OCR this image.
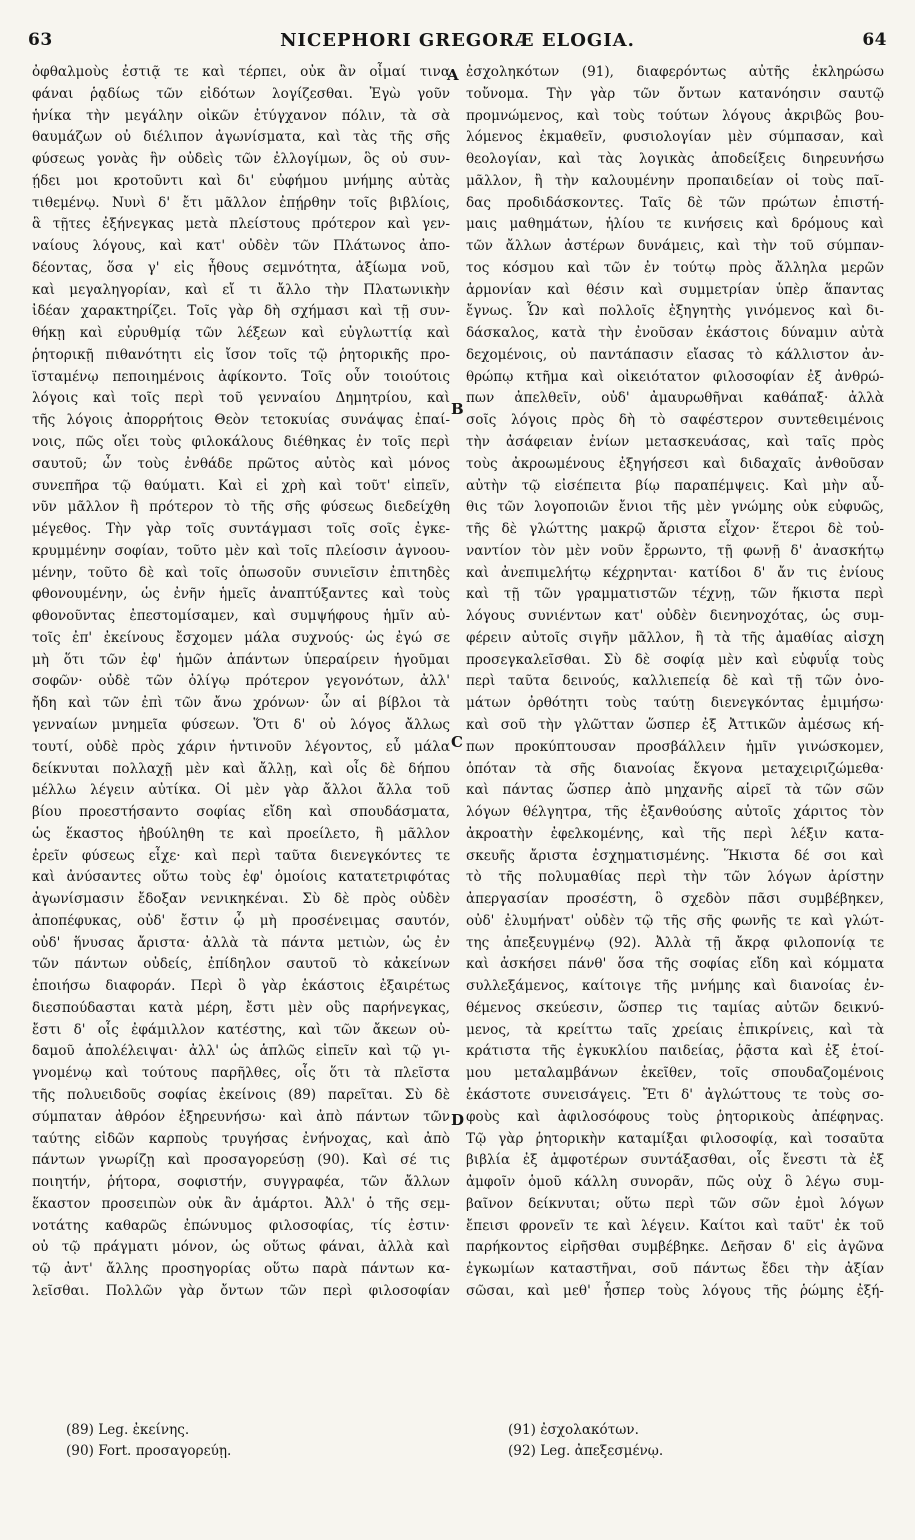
63	NICEPHORI GREGORÆ ELOGIA.	64
ὀφθαλμοὺς ἐστιᾷ τε καὶ τέρπει, οὐκ ἂν οἶμαί τινα
φάναι ῥᾳδίως τῶν εἰδότων λογίζεσθαι. Ἐγὼ γοῦν
ἡνίκα τὴν μεγάλην οἰκῶν ἐτύγχανον πόλιν, τὰ σὰ
θαυμάζων οὐ διέλιπον ἀγωνίσματα, καὶ τὰς τῆς σῆς
φύσεως γονὰς ἣν οὐδεὶς τῶν ἐλλογίμων, ὃς οὐ συν-
ῄδει μοι κροτοῦντι καὶ δι' εὐφήμου μνήμης αὐτὰς
τιθεμένῳ. Νυνὶ δ' ἔτι μᾶλλον ἐπῄρθην τοῖς βιβλίοις,
ἃ τῇτες ἐξήνεγκας μετὰ πλείστους πρότερον καὶ γεν-
ναίους λόγους, καὶ κατ' οὐδὲν τῶν Πλάτωνος ἀπο-
δέοντας, ὅσα γ' εἰς ἦθους σεμνότητα, ἀξίωμα νοῦ,
καὶ μεγαληγορίαν, καὶ εἴ τι ἄλλο τὴν Πλατωνικὴν
ἰδέαν χαρακτηρίζει. Τοῖς γὰρ δὴ σχήμασι καὶ τῇ συν-
θήκῃ καὶ εὐρυθμίᾳ τῶν λέξεων καὶ εὐγλωττίᾳ καὶ
ῥητορικῇ πιθανότητι εἰς ἴσον τοῖς τῷ ῥητορικῆς προ-
ϊσταμένῳ πεποιημένοις ἀφίκοντο. Τοῖς οὖν τοιούτοις
λόγοις καὶ τοῖς περὶ τοῦ γενναίου Δημητρίου, καὶ
τῆς λόγοις ἀπορρήτοις Θεὸν τετοκυίας συνάψας ἐπαί-
νοις, πῶς οἴει τοὺς φιλοκάλους διέθηκας ἐν τοῖς περὶ
σαυτοῦ; ὧν τοὺς ἐνθάδε πρῶτος αὐτὸς καὶ μόνος
συνεπῆρα τῷ θαύματι. Καὶ εἰ χρὴ καὶ τοῦτ' εἰπεῖν,
νῦν μᾶλλον ἢ πρότερον τὸ τῆς σῆς φύσεως διεδείχθη
μέγεθος. Τὴν γὰρ τοῖς συντάγμασι τοῖς σοῖς ἐγκε-
κρυμμένην σοφίαν, τοῦτο μὲν καὶ τοῖς πλείοσιν ἀγνοου-
μένην, τοῦτο δὲ καὶ τοῖς ὁπωσοῦν συνιεῖσιν ἐπιτηδὲς
φθονουμένην, ὡς ἐνῆν ἡμεῖς ἀναπτύξαντες καὶ τοὺς
φθονοῦντας ἐπεστομίσαμεν, καὶ συμψήφους ἡμῖν αὐ-
τοῖς ἐπ' ἐκείνους ἔσχομεν μάλα συχνούς· ὡς ἐγώ σε
μὴ ὅτι τῶν ἐφ' ἡμῶν ἁπάντων ὑπεραίρειν ἡγοῦμαι
σοφῶν· οὐδὲ τῶν ὀλίγῳ πρότερον γεγονότων, ἀλλ'
ἤδη καὶ τῶν ἐπὶ τῶν ἄνω χρόνων· ὧν αἱ βίβλοι τὰ
γενναίων μνημεῖα φύσεων. Ὅτι δ' οὐ λόγος ἄλλως
τουτί, οὐδὲ πρὸς χάριν ἡντινοῦν λέγοντος, εὖ μάλα
δείκνυται πολλαχῇ μὲν καὶ ἄλλῃ, καὶ οἷς δὲ δήπου
μέλλω λέγειν αὐτίκα. Οἱ μὲν γὰρ ἄλλοι ἄλλα τοῦ
βίου προεστήσαντο σοφίας εἴδη καὶ σπουδάσματα,
ὡς ἕκαστος ἠβούληθη τε καὶ προείλετο, ἢ μᾶλλον
ἐρεῖν φύσεως εἶχε· καὶ περὶ ταῦτα διενεγκόντες τε
καὶ ἀνύσαντες οὕτω τοὺς ἐφ' ὁμοίοις κατατετριφότας
ἀγωνίσμασιν ἔδοξαν νενικηκέναι. Σὺ δὲ πρὸς οὐδὲν
ἀποπέφυκας, οὐδ' ἔστιν ᾧ μὴ προσένειμας σαυτόν,
οὐδ' ἥνυσας ἄριστα· ἀλλὰ τὰ πάντα μετιὼν, ὡς ἐν
τῶν πάντων οὐδείς, ἐπίδηλον σαυτοῦ τὸ κἀκείνων
ἐποιήσω διαφοράν. Περὶ ὃ γὰρ ἑκάστοις ἐξαιρέτως
διεσπούδασται κατὰ μέρη, ἔστι μὲν οὓς παρήνεγκας,
ἔστι δ' οἷς ἐφάμιλλον κατέστης, καὶ τῶν ἄκεων οὐ-
δαμοῦ ἀπολέλειψαι· ἀλλ' ὡς ἁπλῶς εἰπεῖν καὶ τῷ γι-
γνομένῳ καὶ τούτους παρῆλθες, οἷς ὅτι τὰ πλεῖστα
τῆς πολυειδοῦς σοφίας ἐκείνοις (89) παρεῖται. Σὺ δὲ
σύμπαταν ἀθρόον ἐξηρευνήσω· καὶ ἀπὸ πάντων τῶν
ταύτης εἰδῶν καρποὺς τρυγήσας ἐνήνοχας, καὶ ἀπὸ
πάντων γνωρίζῃ καὶ προσαγορεύσῃ (90). Καὶ σέ τις
ποιητήν, ῥήτορα, σοφιστήν, συγγραφέα, τῶν ἄλλων
ἕκαστον προσειπὼν οὐκ ἂν ἁμάρτοι. Ἀλλ' ὁ τῆς σεμ-
νοτάτης καθαρῶς ἐπώνυμος φιλοσοφίας, τίς ἐστιν·
οὐ τῷ πράγματι μόνον, ὡς οὕτως φάναι, ἀλλὰ καὶ
τῷ ἀντ' ἄλλης προσηγορίας οὕτω παρὰ πάντων κα-
λεῖσθαι. Πολλῶν γὰρ ὄντων τῶν περὶ φιλοσοφίαν
ἐσχοληκότων (91), διαφερόντως αὐτῆς ἐκληρώσω
τοὔνομα. Τὴν γὰρ τῶν ὄντων κατανόησιν σαυτῷ
προμνώμενος, καὶ τοὺς τούτων λόγους ἀκριβῶς βου-
λόμενος ἐκμαθεῖν, φυσιολογίαν μὲν σύμπασαν, καὶ
θεολογίαν, καὶ τὰς λογικὰς ἀποδείξεις διηρευνήσω
μᾶλλον, ἢ τὴν καλουμένην προπαιδείαν οἱ τοὺς παῖ-
δας προδιδάσκοντες. Ταῖς δὲ τῶν πρώτων ἐπιστή-
μαις μαθημάτων, ἡλίου τε κινήσεις καὶ δρόμους καὶ
τῶν ἄλλων ἀστέρων δυνάμεις, καὶ τὴν τοῦ σύμπαν-
τος κόσμου καὶ τῶν ἐν τούτῳ πρὸς ἄλληλα μερῶν
ἁρμονίαν καὶ θέσιν καὶ συμμετρίαν ὑπὲρ ἅπαντας
ἔγνως. Ὧν καὶ πολλοῖς ἐξηγητὴς γινόμενος καὶ δι-
δάσκαλος, κατὰ τὴν ἐνοῦσαν ἑκάστοις δύναμιν αὐτὰ
δεχομένοις, οὐ παντάπασιν εἴασας τὸ κάλλιστον ἀν-
θρώπῳ κτῆμα καὶ οἰκειότατον φιλοσοφίαν ἐξ ἀνθρώ-
πων ἀπελθεῖν, οὐδ' ἀμαυρωθῆναι καθάπαξ· ἀλλὰ
σοῖς λόγοις πρὸς δὴ τὸ σαφέστερον συντεθειμένοις
τὴν ἀσάφειαν ἐνίων μετασκευάσας, καὶ ταῖς πρὸς
τοὺς ἀκροωμένους ἐξηγήσεσι καὶ διδαχαῖς ἀνθοῦσαν
αὐτὴν τῷ εἰσέπειτα βίῳ παραπέμψεις. Καὶ μὴν αὖ-
θις τῶν λογοποιῶν ἔνιοι τῆς μὲν γνώμης οὐκ εὐφυῶς,
τῆς δὲ γλώττης μακρῷ ἄριστα εἶχον· ἕτεροι δὲ τοὐ-
ναντίον τὸν μὲν νοῦν ἔρρωντο, τῇ φωνῇ δ' ἀνασκήτῳ
καὶ ἀνεπιμελήτῳ κέχρηνται· κατίδοι δ' ἄν τις ἐνίους
καὶ τῇ τῶν γραμματιστῶν τέχνῃ, τῶν ἥκιστα περὶ
λόγους συνιέντων κατ' οὐδὲν διενηνοχότας, ὡς συμ-
φέρειν αὐτοῖς σιγῆν μᾶλλον, ἢ τὰ τῆς ἀμαθίας αἰσχη
προσεγκαλεῖσθαι. Σὺ δὲ σοφίᾳ μὲν καὶ εὐφυΐᾳ τοὺς
περὶ ταῦτα δεινούς, καλλιεπείᾳ δὲ καὶ τῇ τῶν ὀνο-
μάτων ὀρθότητι τοὺς ταύτῃ διενεγκόντας ἐμιμήσω·
καὶ σοῦ τὴν γλῶτταν ὥσπερ ἐξ Ἀττικῶν ἀμέσως κή-
πων προκύπτουσαν προσβάλλειν ἡμῖν γινώσκομεν,
ὁπόταν τὰ σῆς διανοίας ἔκγονα μεταχειριζώμεθα·
καὶ πάντας ὥσπερ ἀπὸ μηχανῆς αἱρεῖ τὰ τῶν σῶν
λόγων θέλγητρα, τῆς ἐξανθούσης αὐτοῖς χάριτος τὸν
ἀκροατὴν ἐφελκομένης, καὶ τῆς περὶ λέξιν κατα-
σκευῆς ἄριστα ἐσχηματισμένης. Ἥκιστα δέ σοι καὶ
τὸ τῆς πολυμαθίας περὶ τὴν τῶν λόγων ἀρίστην
ἀπεργασίαν προσέστη, ὃ σχεδὸν πᾶσι συμβέβηκεν,
οὐδ' ἐλυμήνατ' οὐδὲν τῷ τῆς σῆς φωνῆς τε καὶ γλώτ-
της ἀπεξευγμένῳ (92). Ἀλλὰ τῇ ἄκρᾳ φιλοπονίᾳ τε
καὶ ἀσκήσει πάνθ' ὅσα τῆς σοφίας εἴδη καὶ κόμματα
συλλεξάμενος, καίτοιγε τῆς μνήμης καὶ διανοίας ἐν-
θέμενος σκεύεσιν, ὥσπερ τις ταμίας αὐτῶν δεικνύ-
μενος, τὰ κρείττω ταῖς χρείαις ἐπικρίνεις, καὶ τὰ
κράτιστα τῆς ἐγκυκλίου παιδείας, ῥᾷστα καὶ ἐξ ἑτοί-
μου μεταλαμβάνων ἐκεῖθεν, τοῖς σπουδαζομένοις
ἑκάστοτε συνεισάγεις. Ἔτι δ' ἀγλώττους τε τοὺς σο-
φοὺς καὶ ἀφιλοσόφους τοὺς ῥητορικοὺς ἀπέφηνας.
Τῷ γὰρ ῥητορικὴν καταμίξαι φιλοσοφίᾳ, καὶ τοσαῦτα
βιβλία ἐξ ἀμφοτέρων συντάξασθαι, οἷς ἔνεστι τὰ ἐξ
ἀμφοῖν ὁμοῦ κάλλη συνορᾶν, πῶς οὐχ ὃ λέγω συμ-
βαῖνον δείκνυται; οὕτω περὶ τῶν σῶν ἐμοὶ λόγων
ἔπεισι φρονεῖν τε καὶ λέγειν. Καίτοι καὶ ταῦτ' ἐκ τοῦ
παρήκοντος εἰρῆσθαι συμβέβηκε. Δεῆσαν δ' εἰς ἀγῶνα
ἐγκωμίων καταστῆναι, σοῦ πάντως ἔδει τὴν ἀξίαν
σῶσαι, καὶ μεθ' ἧσπερ τοὺς λόγους τῆς ῥώμης ἐξή-
A
B
C
D
(89) Leg. ἐκείνης.
(90) Fort. προσαγορεύῃ.
(91) ἐσχολακότων.
(92) Leg. ἀπεξεσμένῳ.
